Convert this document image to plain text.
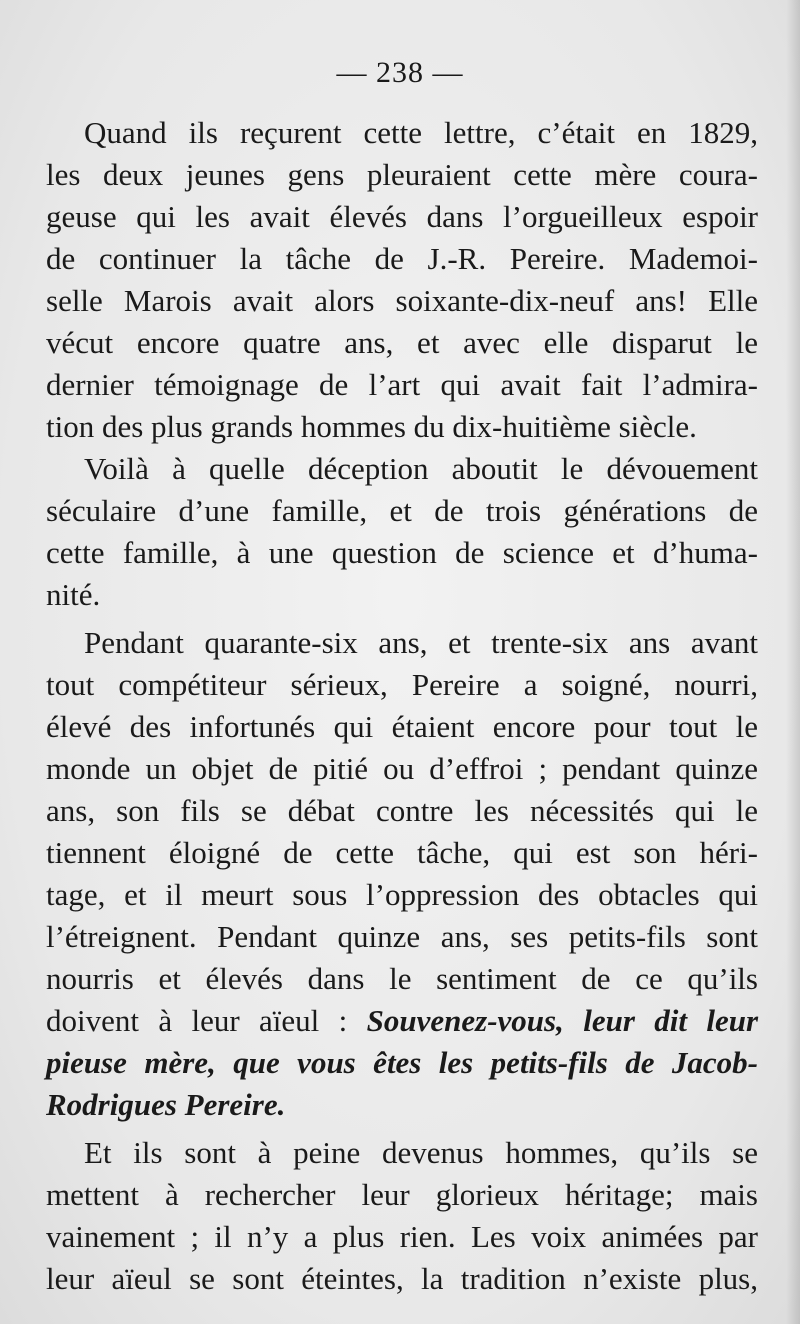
— 238 —
Quand ils reçurent cette lettre, c’était en 1829,
les deux jeunes gens pleuraient cette mère coura-
geuse qui les avait élevés dans l’orgueilleux espoir
de continuer la tâche de J.-R. Pereire. Mademoi-
selle Marois avait alors soixante-dix-neuf ans! Elle
vécut encore quatre ans, et avec elle disparut le
dernier témoignage de l’art qui avait fait l’admira-
tion des plus grands hommes du dix-huitième siècle.
Voilà à quelle déception aboutit le dévouement
séculaire d’une famille, et de trois générations de
cette famille, à une question de science et d’huma-
nité.
Pendant quarante-six ans, et trente-six ans avant
tout compétiteur sérieux, Pereire a soigné, nourri,
élevé des infortunés qui étaient encore pour tout le
monde un objet de pitié ou d’effroi ; pendant quinze
ans, son fils se débat contre les nécessités qui le
tiennent éloigné de cette tâche, qui est son héri-
tage, et il meurt sous l’oppression des obtacles qui
l’étreignent. Pendant quinze ans, ses petits-fils sont
nourris et élevés dans le sentiment de ce qu’ils
doivent à leur aïeul : Souvenez-vous, leur dit leur
pieuse mère, que vous êtes les petits-fils de Jacob-
Rodrigues Pereire.
Et ils sont à peine devenus hommes, qu’ils se
mettent à rechercher leur glorieux héritage; mais
vainement ; il n’y a plus rien. Les voix animées par
leur aïeul se sont éteintes, la tradition n’existe plus,
